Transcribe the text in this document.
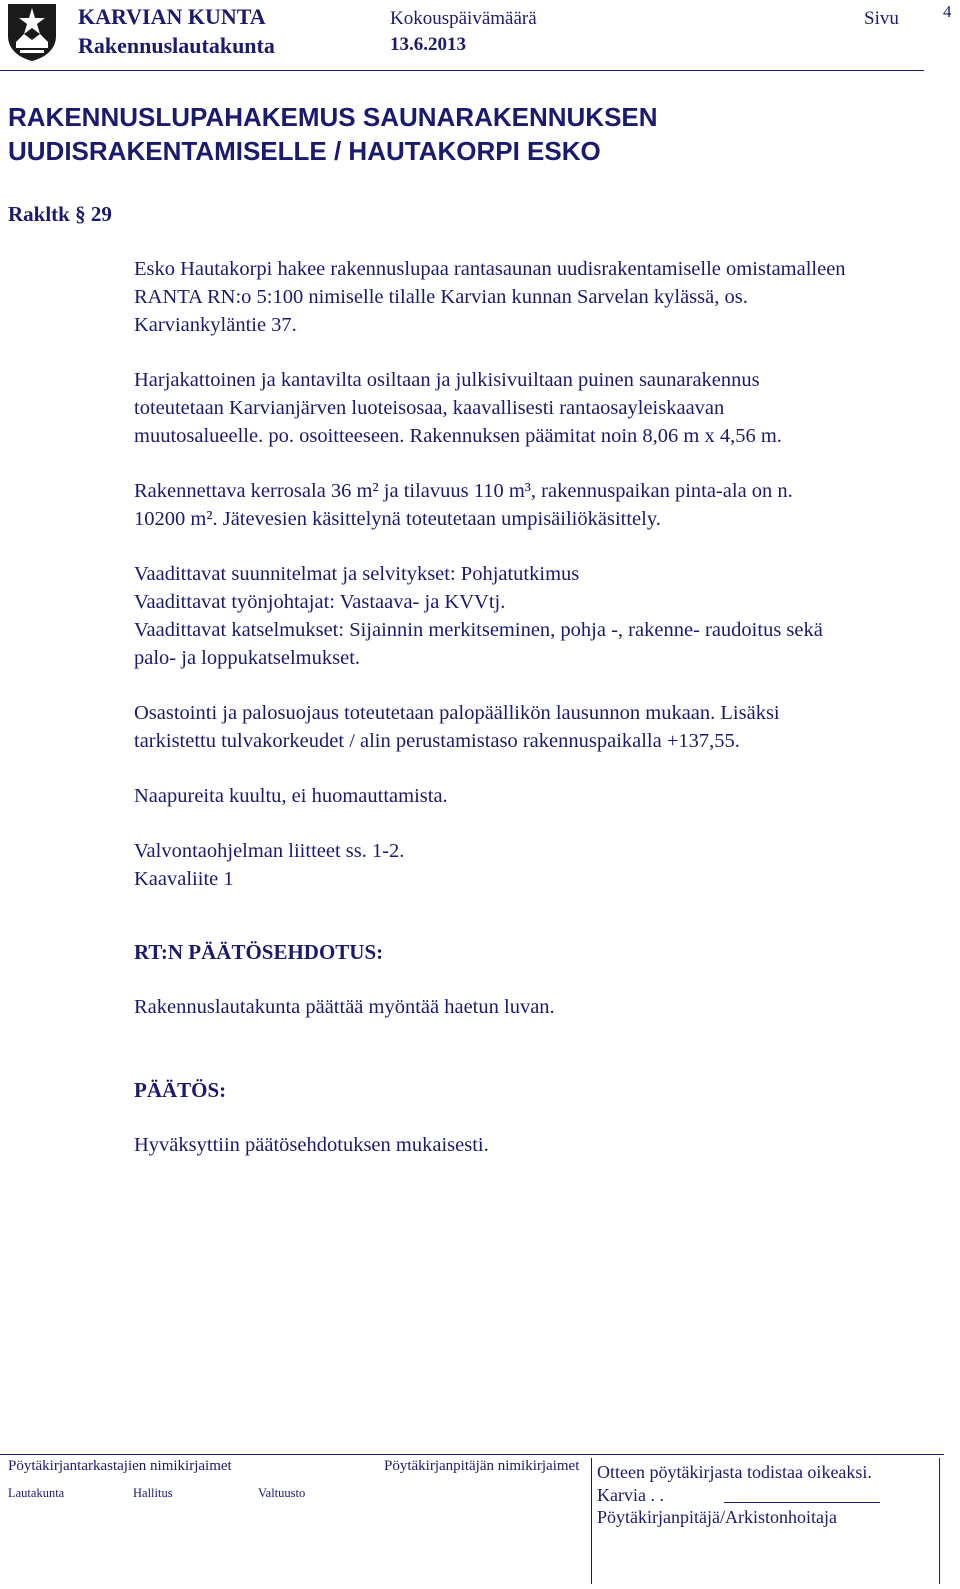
KARVIAN KUNTA
Rakennuslautakunta
Kokouspäivämäärä
13.6.2013
Sivu	4
RAKENNUSLUPAHAKEMUS SAUNARAKENNUKSEN
UUDISRAKENTAMISELLE / HAUTAKORPI ESKO
Rakltk § 29

Esko Hautakorpi hakee rakennuslupaa rantasaunan uudisrakentamiselle omistamalleen
RANTA RN:o 5:100 nimiselle tilalle Karvian kunnan Sarvelan kylässä, os.
Karviankyläntie 37.

Harjakattoinen ja kantavilta osiltaan ja julkisivuiltaan puinen saunarakennus
toteutetaan Karvianjärven luoteisosaa, kaavallisesti rantaosayleiskaavan
muutosalueelle. po. osoitteeseen. Rakennuksen päämitat noin 8,06 m x 4,56 m.

Rakennettava kerrosala 36 m² ja tilavuus 110 m³, rakennuspaikan pinta-ala on n.
10200 m². Jätevesien käsittelynä toteutetaan umpisäiliökäsittely.

Vaadittavat suunnitelmat ja selvitykset: Pohjatutkimus
Vaadittavat työnjohtajat: Vastaava- ja KVVtj.
Vaadittavat katselmukset: Sijainnin merkitseminen, pohja -, rakenne- raudoitus sekä
palo- ja loppukatselmukset.

Osastointi ja palosuojaus toteutetaan palopäällikön lausunnon mukaan. Lisäksi
tarkistettu tulvakorkeudet / alin perustamistaso rakennuspaikalla +137,55.

Naapureita kuultu, ei huomauttamista.

Valvontaohjelman liitteet ss. 1-2.
Kaavaliite 1

RT:N PÄÄTÖSEHDOTUS:
Rakennuslautakunta päättää myöntää haetun luvan.
PÄÄTÖS:
Hyväksyttiin päätösehdotuksen mukaisesti.
Pöytäkirjantarkastajien nimikirjaimet	Pöytäkirjanpitäjän nimikirjaimet
Lautakunta	Hallitus	Valtuusto
Otteen pöytäkirjasta todistaa oikeaksi.
Karvia . .
Pöytäkirjanpitäjä/Arkistonhoitaja
